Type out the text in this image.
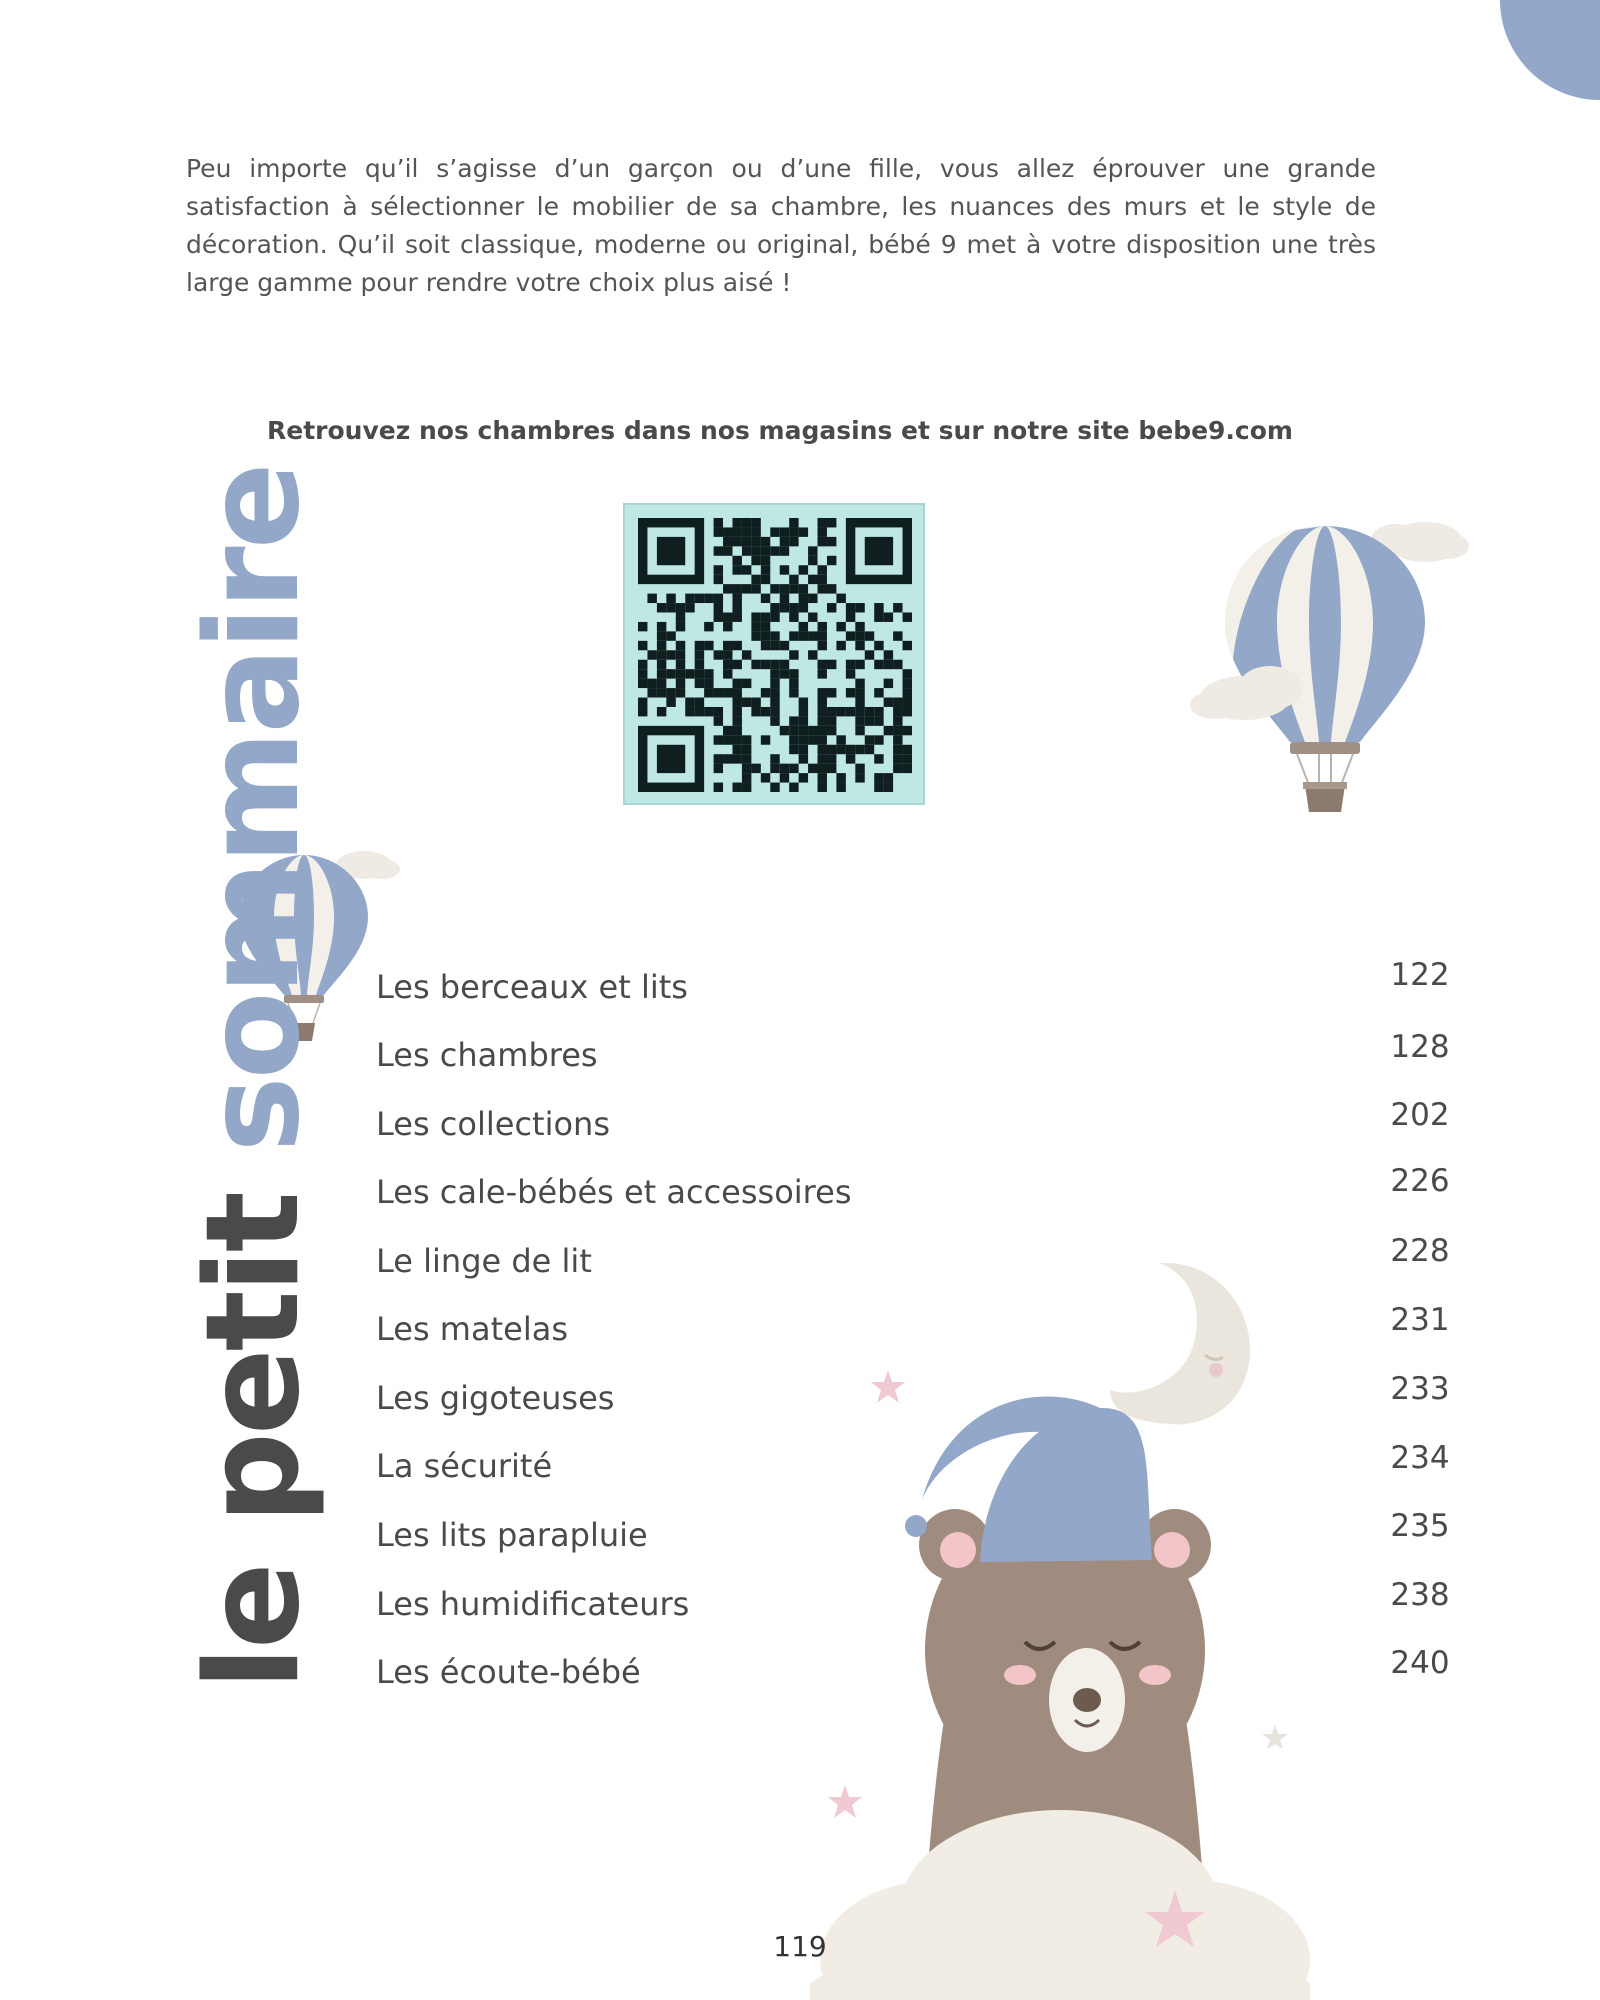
Peu importe qu’il s’agisse d’un garçon ou d’une fille, vous allez éprouver une grande satisfaction à sélectionner le mobilier de sa chambre, les nuances des murs et le style de décoration. Qu’il soit classique, moderne ou original, bébé 9 met à votre disposition une très large gamme pour rendre votre choix plus aisé !

Retrouvez nos chambres dans nos magasins et sur notre site bebe9.com

le petit sommaire Les berceaux et lits	122
Les chambres	128
Les collections	202
Les cale-bébés et accessoires	226
Le linge de lit	228
Les matelas	231
Les gigoteuses	233
La sécurité	234
Les lits parapluie	235
Les humidificateurs	238
Les écoute-bébé	240
119
